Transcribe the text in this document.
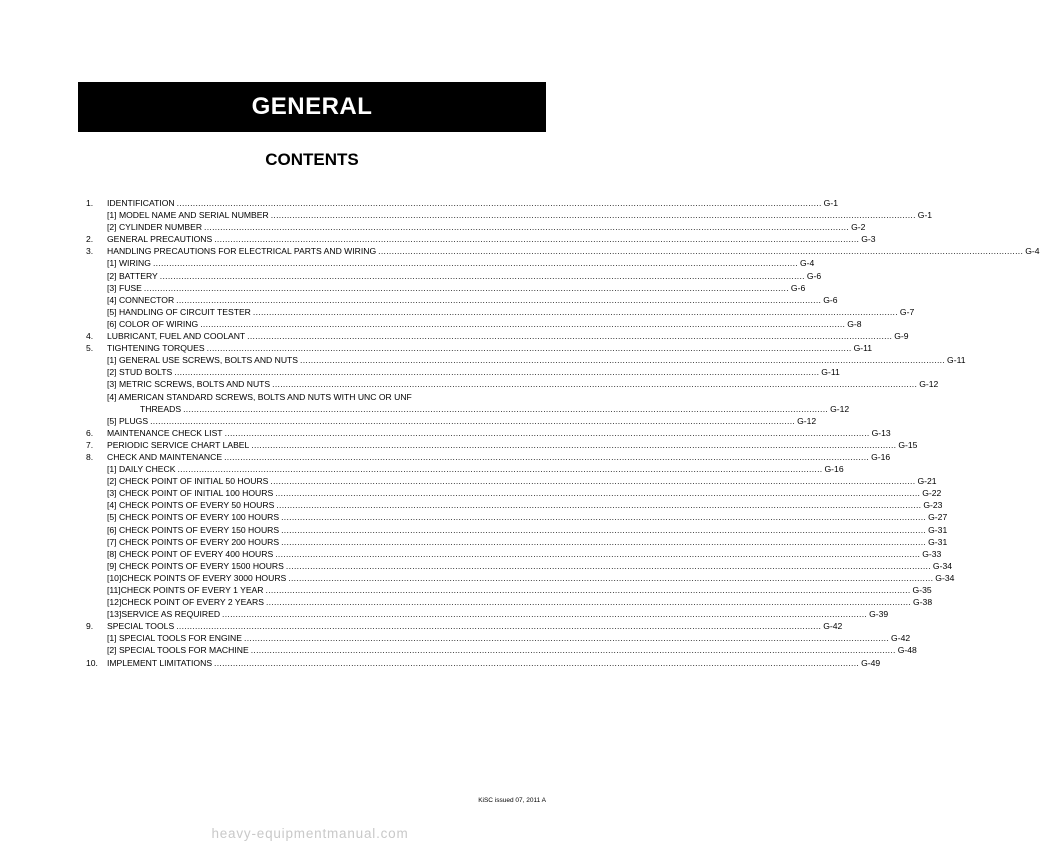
GENERAL
CONTENTS
1.	IDENTIFICATION .....	G-1
[1] MODEL NAME AND SERIAL NUMBER .....	G-1
[2] CYLINDER NUMBER .....	G-2
2.	GENERAL PRECAUTIONS .....	G-3
3.	HANDLING PRECAUTIONS FOR ELECTRICAL PARTS AND WIRING .....	G-4
[1] WIRING .....	G-4
[2] BATTERY .....	G-6
[3] FUSE .....	G-6
[4] CONNECTOR .....	G-6
[5] HANDLING OF CIRCUIT TESTER .....	G-7
[6] COLOR OF WIRING .....	G-8
4.	LUBRICANT, FUEL AND COOLANT .....	G-9
5.	TIGHTENING TORQUES .....	G-11
[1] GENERAL USE SCREWS, BOLTS AND NUTS .....	G-11
[2] STUD BOLTS .....	G-11
[3] METRIC SCREWS, BOLTS AND NUTS .....	G-12
[4] AMERICAN STANDARD SCREWS, BOLTS AND NUTS WITH UNC OR UNF
THREADS .....	G-12
[5] PLUGS .....	G-12
6.	MAINTENANCE CHECK LIST .....	G-13
7.	PERIODIC SERVICE CHART LABEL .....	G-15
8.	CHECK AND MAINTENANCE .....	G-16
[1] DAILY CHECK .....	G-16
[2] CHECK POINT OF INITIAL 50 HOURS .....	G-21
[3] CHECK POINT OF INITIAL 100 HOURS .....	G-22
[4] CHECK POINTS OF EVERY 50 HOURS .....	G-23
[5] CHECK POINTS OF EVERY 100 HOURS .....	G-27
[6] CHECK POINTS OF EVERY 150 HOURS .....	G-31
[7] CHECK POINTS OF EVERY 200 HOURS .....	G-31
[8] CHECK POINT OF EVERY 400 HOURS .....	G-33
[9] CHECK POINTS OF EVERY 1500 HOURS .....	G-34
[10]CHECK POINTS OF EVERY 3000 HOURS .....	G-34
[11]CHECK POINTS OF EVERY 1 YEAR .....	G-35
[12]CHECK POINT OF EVERY 2 YEARS .....	G-38
[13]SERVICE AS REQUIRED .....	G-39
9.	SPECIAL TOOLS .....	G-42
[1] SPECIAL TOOLS FOR ENGINE .....	G-42
[2] SPECIAL TOOLS FOR MACHINE .....	G-48
10.	IMPLEMENT LIMITATIONS .....	G-49
KiSC issued 07, 2011 A
heavy-equipmentmanual.com
